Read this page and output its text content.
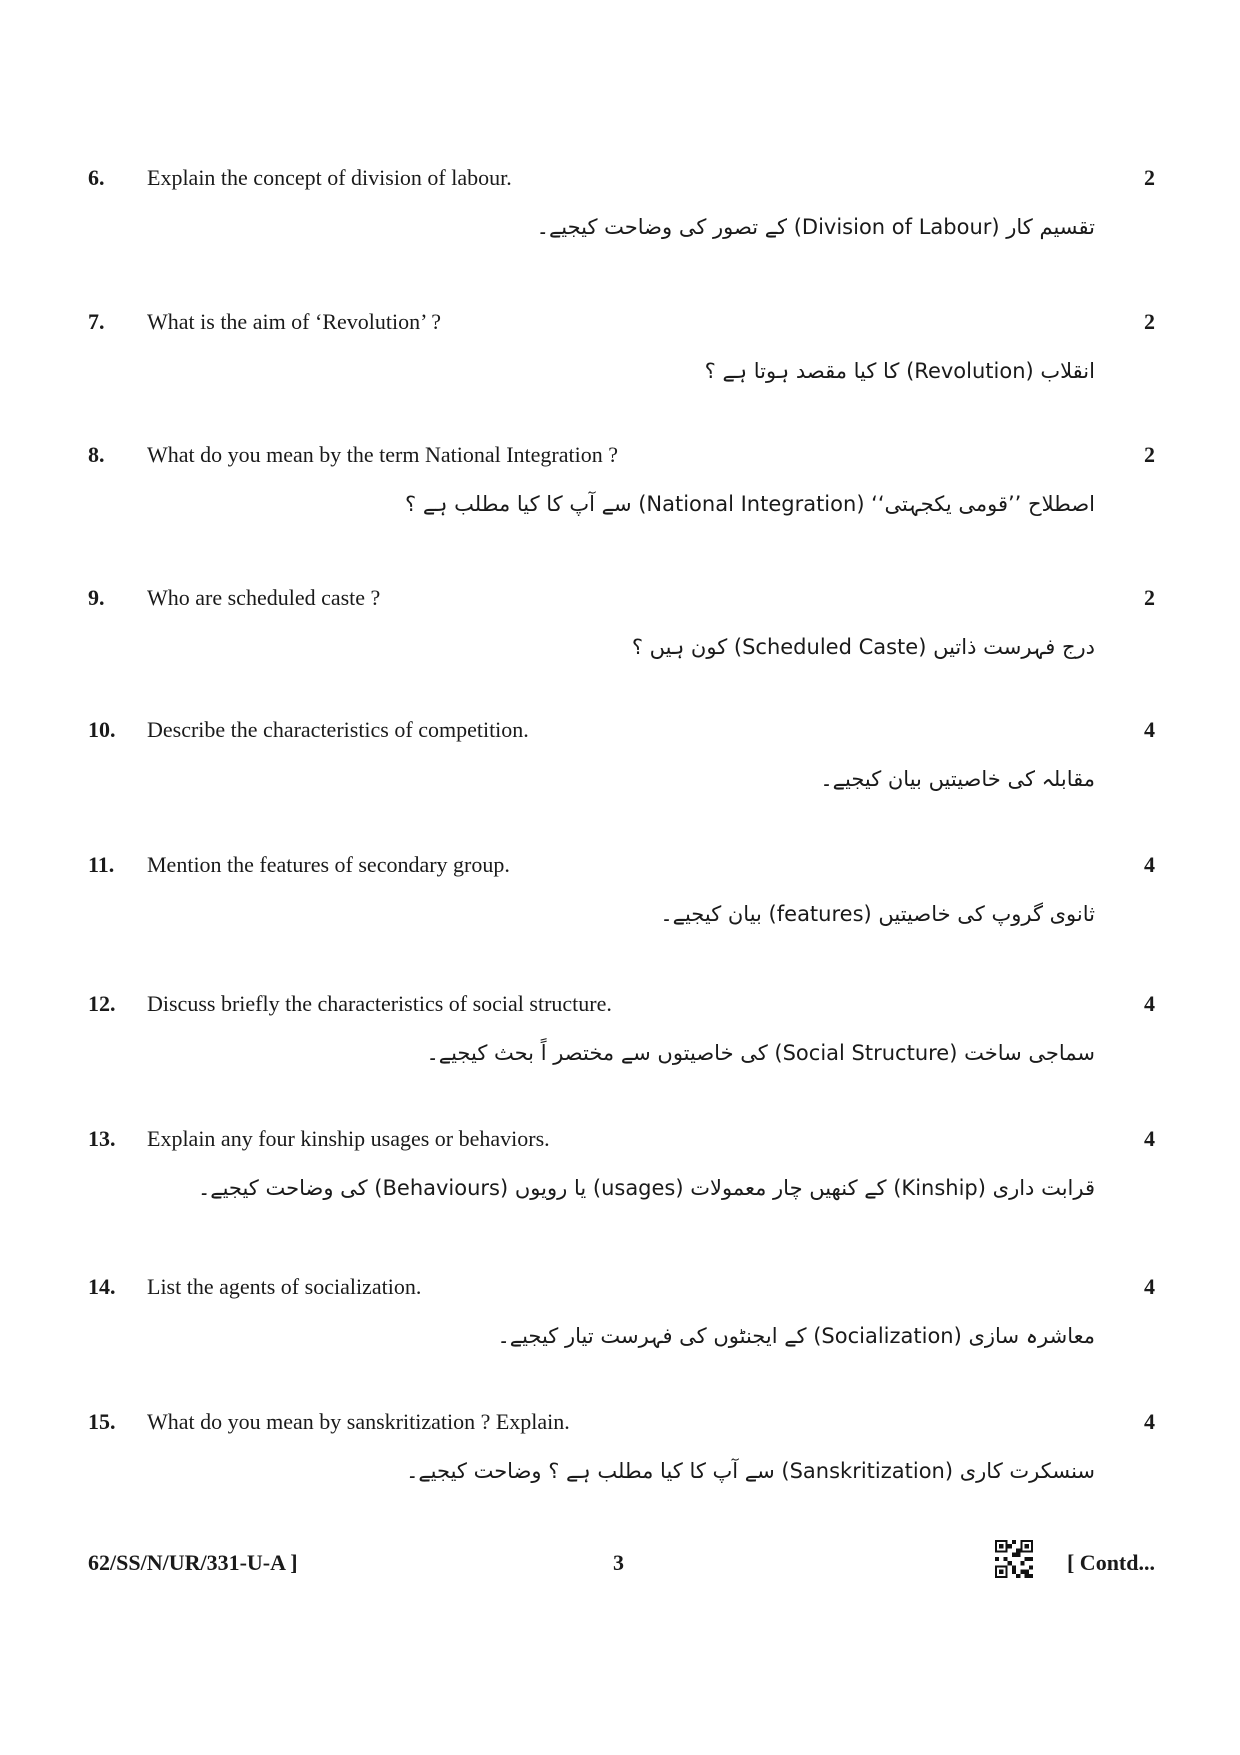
6. Explain the concept of division of labour.	2
تقسیم کار (Division of Labour) کے تصور کی وضاحت کیجیے۔
7. What is the aim of ‘Revolution’ ?	2
انقلاب (Revolution) کا کیا مقصد ہوتا ہے ؟
8. What do you mean by the term National Integration ?	2
اصطلاح ’’قومی یکجہتی‘‘ (National Integration) سے آپ کا کیا مطلب ہے ؟
9. Who are scheduled caste ?	2
درج فہرست ذاتیں (Scheduled Caste) کون ہیں ؟
10. Describe the characteristics of competition.	4
مقابلہ کی خاصیتیں بیان کیجیے۔
11. Mention the features of secondary group.	4
ثانوی گروپ کی خاصیتیں (features) بیان کیجیے۔
12. Discuss briefly the characteristics of social structure.	4
سماجی ساخت (Social Structure) کی خاصیتوں سے مختصر اً بحث کیجیے۔
13. Explain any four kinship usages or behaviors.	4
قرابت داری (Kinship) کے کنھیں چار معمولات (usages) یا رویوں (Behaviours) کی وضاحت کیجیے۔
14. List the agents of socialization.	4
معاشرہ سازی (Socialization) کے ایجنٹوں کی فہرست تیار کیجیے۔
15. What do you mean by sanskritization ? Explain.	4
سنسکرت کاری (Sanskritization) سے آپ کا کیا مطلب ہے ؟ وضاحت کیجیے۔
62/SS/N/UR/331-U-A ]	3	[ Contd...
